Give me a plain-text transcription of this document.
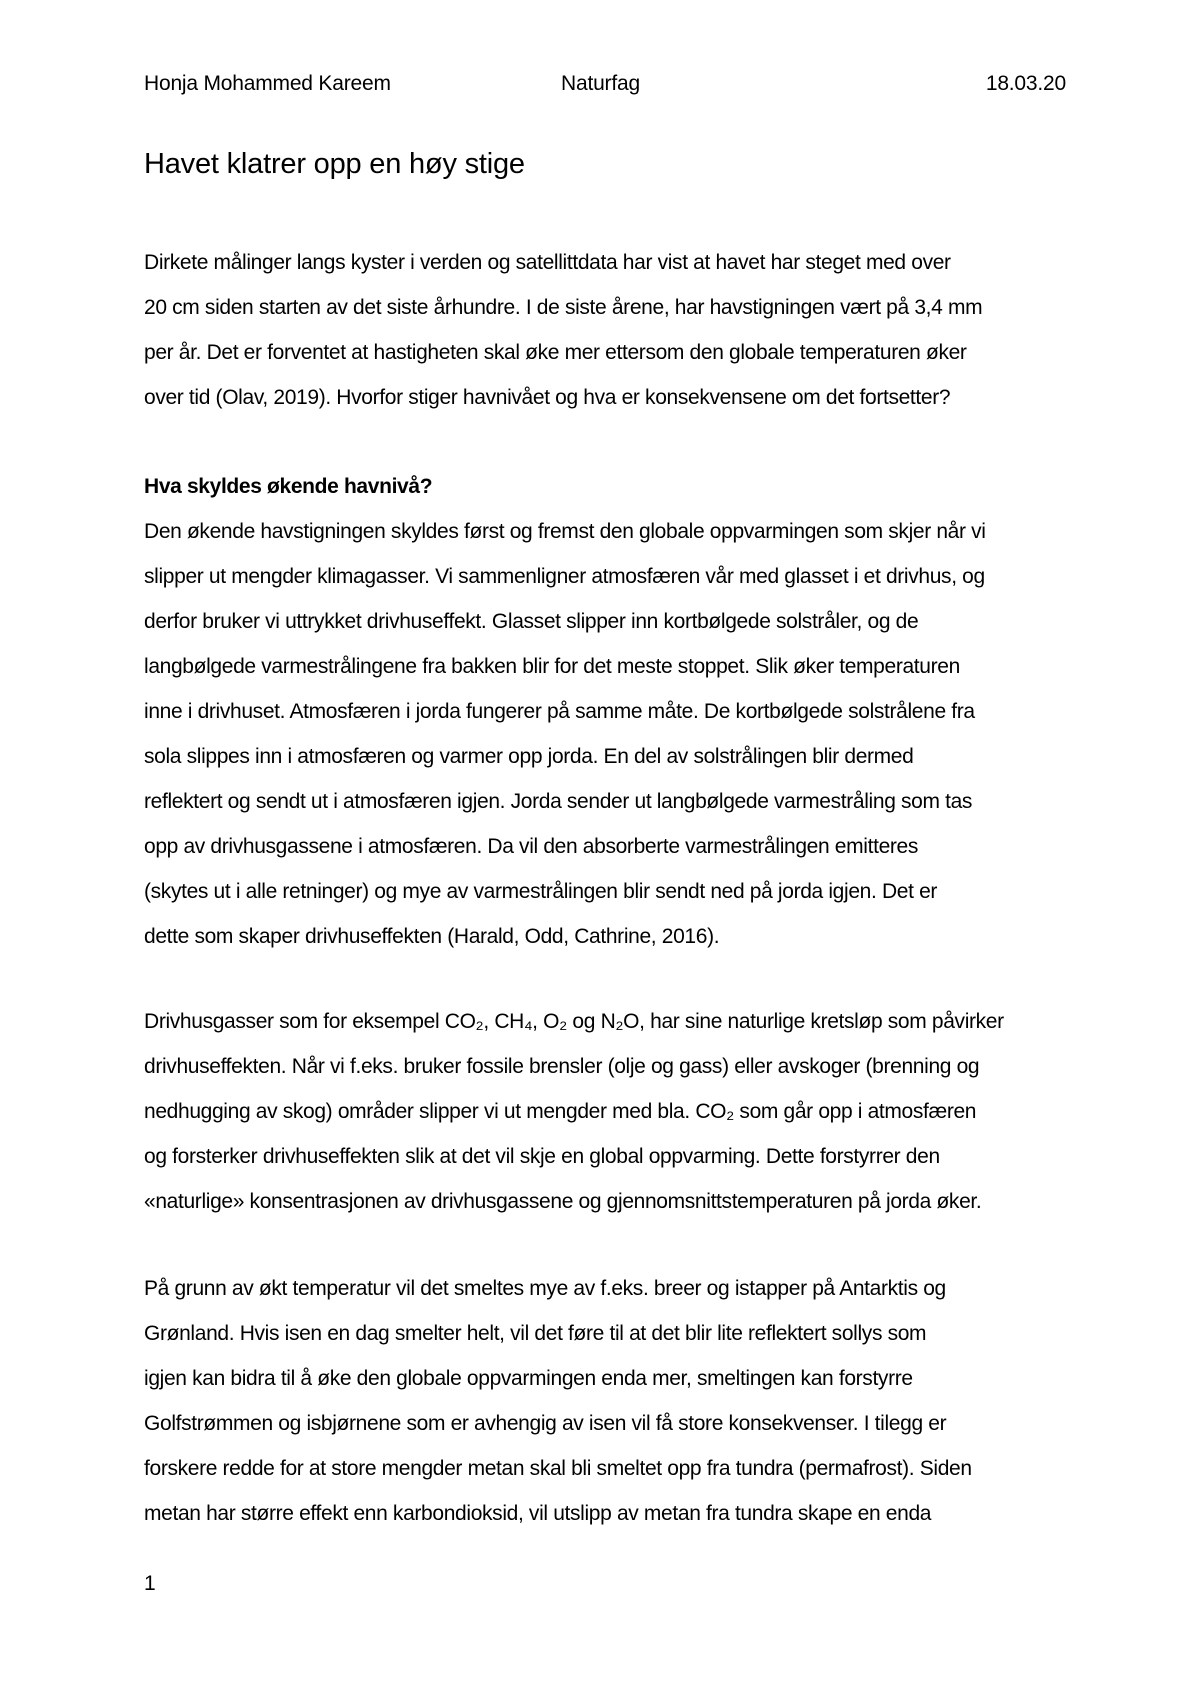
Honja Mohammed Kareem	Naturfag	18.03.20
Havet klatrer opp en høy stige
Dirkete målinger langs kyster i verden og satellittdata har vist at havet har steget med over
20 cm siden starten av det siste århundre. I de siste årene, har havstigningen vært på 3,4 mm
per år. Det er forventet at hastigheten skal øke mer ettersom den globale temperaturen øker
over tid (Olav, 2019). Hvorfor stiger havnivået og hva er konsekvensene om det fortsetter?
Hva skyldes økende havnivå?
Den økende havstigningen skyldes først og fremst den globale oppvarmingen som skjer når vi
slipper ut mengder klimagasser. Vi sammenligner atmosfæren vår med glasset i et drivhus, og
derfor bruker vi uttrykket drivhuseffekt. Glasset slipper inn kortbølgede solstråler, og de
langbølgede varmestrålingene fra bakken blir for det meste stoppet. Slik øker temperaturen
inne i drivhuset. Atmosfæren i jorda fungerer på samme måte. De kortbølgede solstrålene fra
sola slippes inn i atmosfæren og varmer opp jorda. En del av solstrålingen blir dermed
reflektert og sendt ut i atmosfæren igjen. Jorda sender ut langbølgede varmestråling som tas
opp av drivhusgassene i atmosfæren. Da vil den absorberte varmestrålingen emitteres
(skytes ut i alle retninger) og mye av varmestrålingen blir sendt ned på jorda igjen. Det er
dette som skaper drivhuseffekten (Harald, Odd, Cathrine, 2016).
Drivhusgasser som for eksempel CO₂, CH₄, O₂ og N₂O, har sine naturlige kretsløp som påvirker
drivhuseffekten. Når vi f.eks. bruker fossile brensler (olje og gass) eller avskoger (brenning og
nedhugging av skog) områder slipper vi ut mengder med bla. CO₂ som går opp i atmosfæren
og forsterker drivhuseffekten slik at det vil skje en global oppvarming. Dette forstyrrer den
«naturlige» konsentrasjonen av drivhusgassene og gjennomsnittstemperaturen på jorda øker.
På grunn av økt temperatur vil det smeltes mye av f.eks. breer og istapper på Antarktis og
Grønland. Hvis isen en dag smelter helt, vil det føre til at det blir lite reflektert sollys som
igjen kan bidra til å øke den globale oppvarmingen enda mer, smeltingen kan forstyrre
Golfstrømmen og isbjørnene som er avhengig av isen vil få store konsekvenser. I tilegg er
forskere redde for at store mengder metan skal bli smeltet opp fra tundra (permafrost). Siden
metan har større effekt enn karbondioksid, vil utslipp av metan fra tundra skape en enda
1
